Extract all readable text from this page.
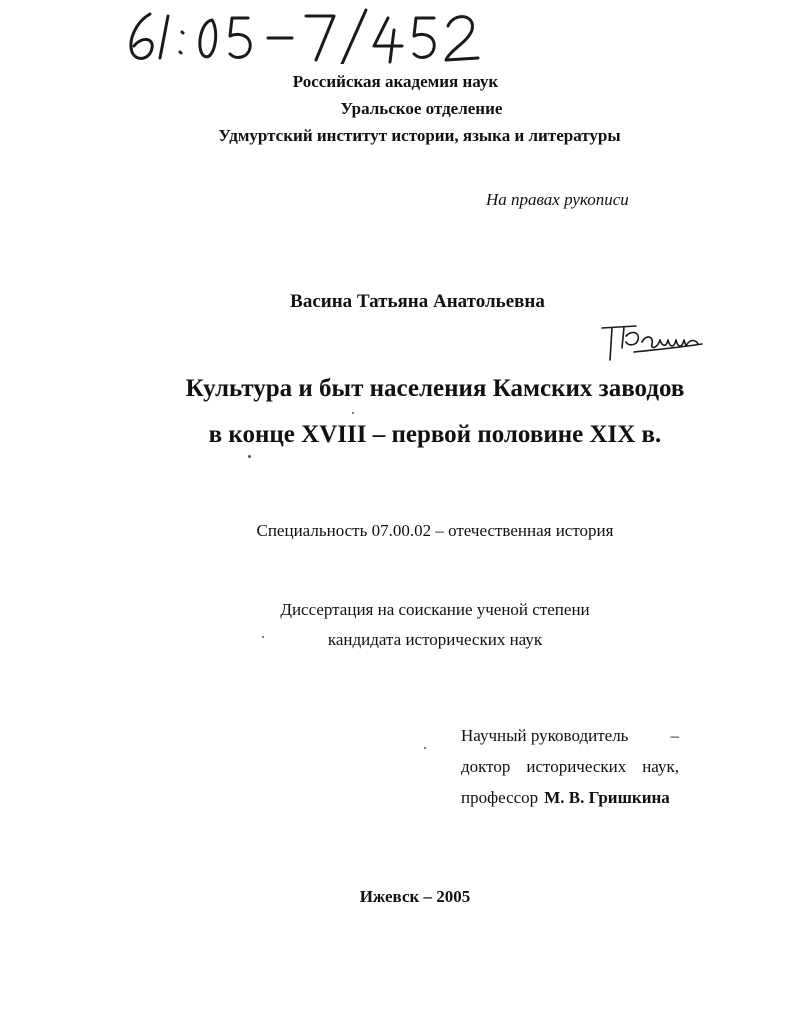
Российская академия наук
Уральское отделение
Удмуртский институт истории, языка и литературы
На правах рукописи
Васина Татьяна Анатольевна
Культура и быт населения Камских заводов
в конце XVIII – первой половине XIX в.
Специальность 07.00.02 – отечественная история
Диссертация на соискание ученой степени
кандидата исторических наук
Научный руководитель –
доктор исторических наук,
профессор М. В. Гришкина
Ижевск – 2005
